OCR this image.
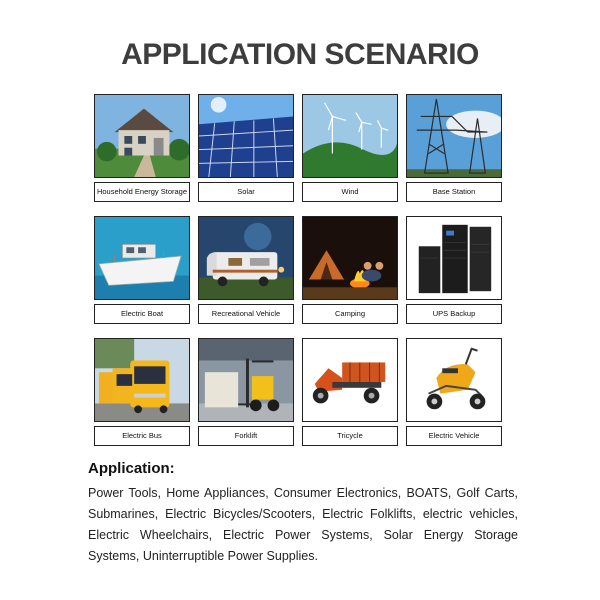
APPLICATION SCENARIO
Household Energy Storage	Solar	Wind	Base Station
Electric Boat	Recreational Vehicle	Camping	UPS Backup
Electric Bus	Forklift	Tricycle	Electric Vehicle

Application:

Power Tools, Home Appliances, Consumer Electronics, BOATS, Golf Carts, Submarines, Electric Bicycles/Scooters, Electric Folklifts, electric vehicles, Electric Wheelchairs, Electric Power Systems, Solar Energy Storage Systems, Uninterruptible Power Supplies.
